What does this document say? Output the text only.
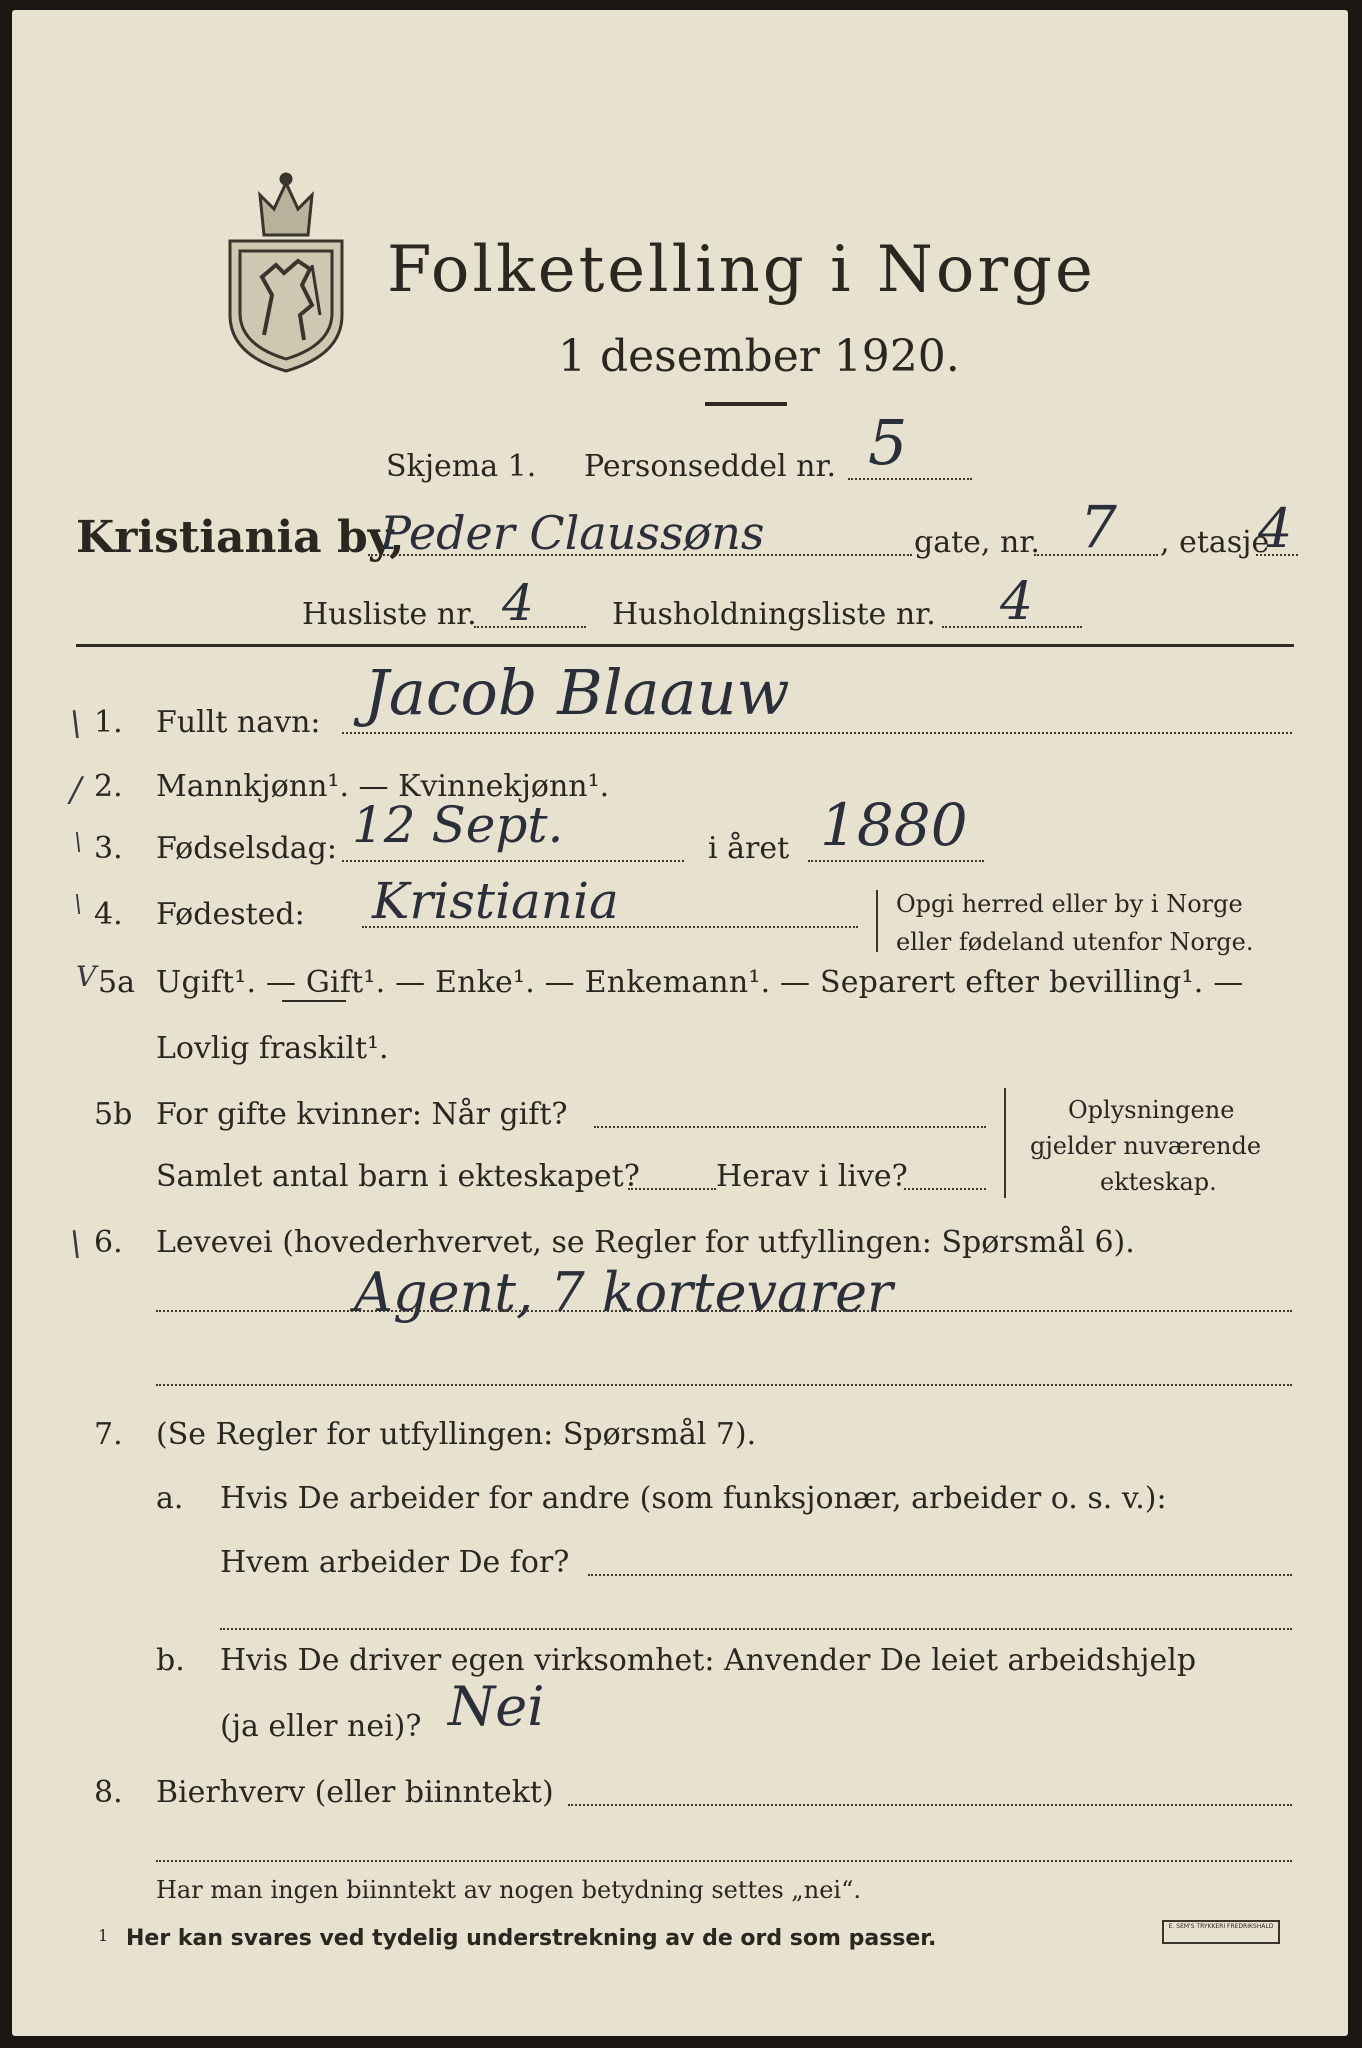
Folketelling i Norge
1 desember 1920.
Skjema 1. Personseddel nr. 5
Kristiania by,
Peder Claussøns	gate, nr. 7 , etasje
4
Husliste nr. 4	Husholdningsliste nr. 4
\
/
\
\
V
\
1. Fullt navn: Jacob Blaauw
2. Mannkjønn¹. — Kvinnekjønn¹.
3. Fødselsdag: 12 Sept.	i året 1880
4. Fødested: Kristiania	Opgi herred eller by i Norge
eller fødeland utenfor Norge.
5a Ugift¹. — Gift¹. — Enke¹. — Enkemann¹. — Separert efter bevilling¹. —
Lovlig fraskilt¹.
5b For gifte kvinner: Når gift?
Samlet antal barn i ekteskapet?	Herav i live?
Oplysningene
gjelder nuværende
ekteskap.
6. Levevei (hovederhvervet, se Regler for utfyllingen: Spørsmål 6).
Agent, 7 kortevarer
7. (Se Regler for utfyllingen: Spørsmål 7).
a. Hvis De arbeider for andre (som funksjonær, arbeider o. s. v.):
Hvem arbeider De for?
b. Hvis De driver egen virksomhet: Anvender De leiet arbeidshjelp
(ja eller nei)? Nei
8. Bierhverv (eller biinntekt)
Har man ingen biinntekt av nogen betydning settes „nei“.
1 Her kan svares ved tydelig understrekning av de ord som passer.	E. SEM'S TRYKKERI FREDRIKSHALD
